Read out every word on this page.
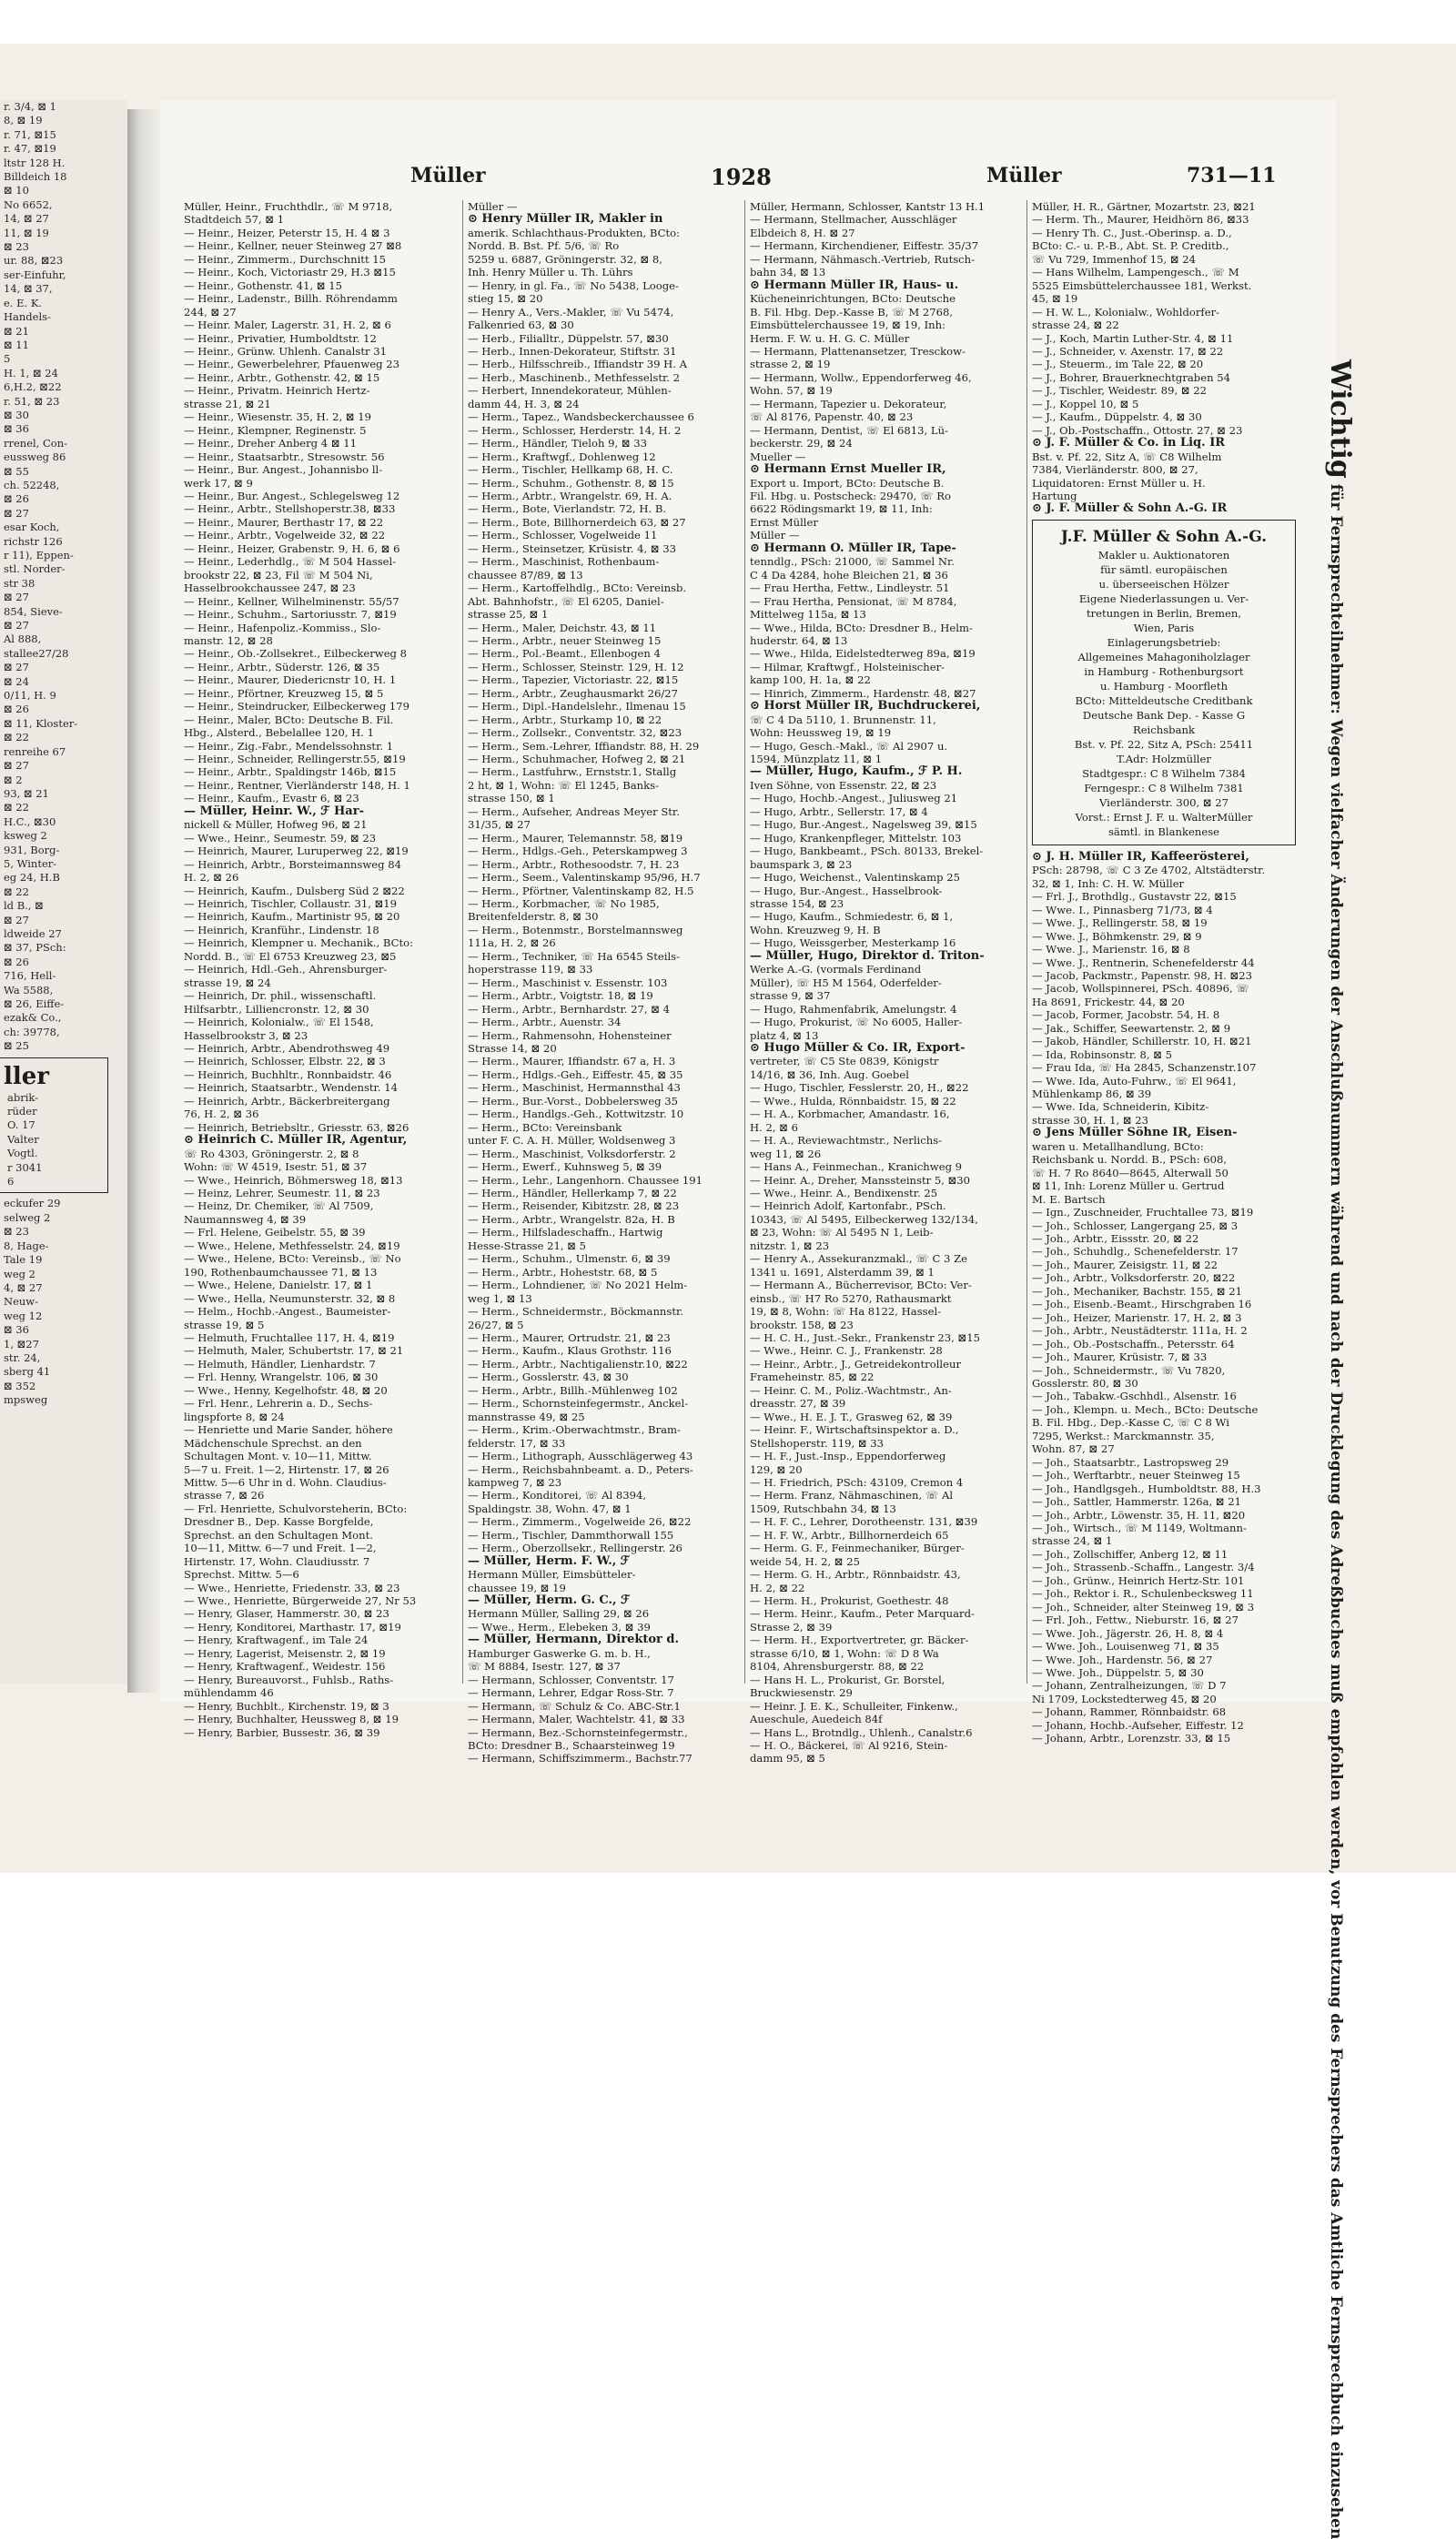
r. 3/4, ⊠ 1
8, ⊠ 19
r. 71, ⊠15
r. 47, ⊠19
ltstr 128 H.
Billdeich 18
⊠ 10
No 6652,
14, ⊠ 27
11, ⊠ 19
⊠ 23
ur. 88, ⊠23
ser-Einfuhr,
14, ⊠ 37,
e. E. K.
Handels-
⊠ 21
⊠ 11
5
H. 1, ⊠ 24
6,H.2, ⊠22
r. 51, ⊠ 23
⊠ 30
⊠ 36
rrenel, Con-
eussweg 86
⊠ 55
ch. 52248,
⊠ 26
⊠ 27
esar Koch,
richstr 126
r 11), Eppen-
stl. Norder-
str 38
⊠ 27
854, Sieve-
⊠ 27
Al 888,
stallee27/28
⊠ 27
⊠ 24
0/11, H. 9
⊠ 26
⊠ 11, Kloster-
⊠ 22
renreihe 67
⊠ 27
⊠ 2
93, ⊠ 21
⊠ 22
H.C., ⊠30
ksweg 2
931, Borg-
5, Winter-
eg 24, H.B
⊠ 22
ld B., ⊠
⊠ 27
ldweide 27
⊠ 37, PSch:
⊠ 26
716, Hell-
Wa 5588,
⊠ 26, Eiffe-
ezak& Co.,
ch: 39778,
⊠ 25
ller
abrik-
rüder
O. 17
Valter
Vogtl.
r 3041
6
eckufer 29
selweg 2
⊠ 23
8, Hage-
Tale 19
weg 2
4, ⊠ 27
Neuw-
weg 12
⊠ 36
1, ⊠27
str. 24,
sberg 41
⊠ 352
mpsweg
Müller	1928	Müller	731—11
Müller, Heinr., Fruchthdlr., ☏ M 9718,
Stadtdeich 57, ⊠ 1
— Heinr., Heizer, Peterstr 15, H. 4 ⊠ 3
— Heinr., Kellner, neuer Steinweg 27 ⊠8
— Heinr., Zimmerm., Durchschnitt 15
— Heinr., Koch, Victoriastr 29, H.3 ⊠15
— Heinr., Gothenstr. 41, ⊠ 15
— Heinr., Ladenstr., Billh. Röhrendamm
244, ⊠ 27
— Heinr. Maler, Lagerstr. 31, H. 2, ⊠ 6
— Heinr., Privatier, Humboldtstr. 12
— Heinr., Grünw. Uhlenh. Canalstr 31
— Heinr., Gewerbelehrer, Pfauenweg 23
— Heinr., Arbtr., Gothenstr. 42, ⊠ 15
— Heinr., Privatm. Heinrich Hertz-
strasse 21, ⊠ 21
— Heinr., Wiesenstr. 35, H. 2, ⊠ 19
— Heinr., Klempner, Reginenstr. 5
— Heinr., Dreher Anberg 4 ⊠ 11
— Heinr., Staatsarbtr., Stresowstr. 56
— Heinr., Bur. Angest., Johannisbo ll-
werk 17, ⊠ 9
— Heinr., Bur. Angest., Schlegelsweg 12
— Heinr., Arbtr., Stellshoperstr.38, ⊠33
— Heinr., Maurer, Berthastr 17, ⊠ 22
— Heinr., Arbtr., Vogelweide 32, ⊠ 22
— Heinr., Heizer, Grabenstr. 9, H. 6, ⊠ 6
— Heinr., Lederhdlg., ☏ M 504 Hassel-
brookstr 22, ⊠ 23, Fil ☏ M 504 Ni,
Hasselbrookchaussee 247, ⊠ 23
— Heinr., Kellner, Wilhelminenstr. 55/57
— Heinr., Schuhm., Sartoriusstr. 7, ⊠19
— Heinr., Hafenpoliz.-Kommiss., Slo-
manstr. 12, ⊠ 28
— Heinr., Ob.-Zollsekret., Eilbeckerweg 8
— Heinr., Arbtr., Süderstr. 126, ⊠ 35
— Heinr., Maurer, Diedericnstr 10, H. 1
— Heinr., Pförtner, Kreuzweg 15, ⊠ 5
— Heinr., Steindrucker, Eilbeckerweg 179
— Heinr., Maler, BCto: Deutsche B. Fil.
Hbg., Alsterd., Bebelallee 120, H. 1
— Heinr., Zig.-Fabr., Mendelssohnstr. 1
— Heinr., Schneider, Rellingerstr.55, ⊠19
— Heinr., Arbtr., Spaldingstr 146b, ⊠15
— Heinr., Rentner, Vierländerstr 148, H. 1
— Heinr., Kaufm., Evastr 6, ⊠ 23
— Müller, Heinr. W., ℱ Har-
nickell & Müller, Hofweg 96, ⊠ 21
— Wwe., Heinr., Seumestr. 59, ⊠ 23
— Heinrich, Maurer, Luruperweg 22, ⊠19
— Heinrich, Arbtr., Borsteimannsweg 84
H. 2, ⊠ 26
— Heinrich, Kaufm., Dulsberg Süd 2 ⊠22
— Heinrich, Tischler, Collaustr. 31, ⊠19
— Heinrich, Kaufm., Martinistr 95, ⊠ 20
— Heinrich, Kranführ., Lindenstr. 18
— Heinrich, Klempner u. Mechanik., BCto:
Nordd. B., ☏ El 6753 Kreuzweg 23, ⊠5
— Heinrich, Hdl.-Geh., Ahrensburger-
strasse 19, ⊠ 24
— Heinrich, Dr. phil., wissenschaftl.
Hilfsarbtr., Lilliencronstr. 12, ⊠ 30
— Heinrich, Kolonialw., ☏ El 1548,
Hasselbrookstr 3, ⊠ 23
— Heinrich, Arbtr., Abendrothsweg 49
— Heinrich, Schlosser, Elbstr. 22, ⊠ 3
— Heinrich, Buchhltr., Ronnbaidstr. 46
— Heinrich, Staatsarbtr., Wendenstr. 14
— Heinrich, Arbtr., Bäckerbreitergang
76, H. 2, ⊠ 36
— Heinrich, Betriebsltr., Griesstr. 63, ⊠26
⊙ Heinrich C. Müller IR, Agentur,
☏ Ro 4303, Gröningerstr. 2, ⊠ 8
Wohn: ☏ W 4519, Isestr. 51, ⊠ 37
— Wwe., Heinrich, Böhmersweg 18, ⊠13
— Heinz, Lehrer, Seumestr. 11, ⊠ 23
— Heinz, Dr. Chemiker, ☏ Al 7509,
Naumannsweg 4, ⊠ 39
— Frl. Helene, Geibelstr. 55, ⊠ 39
— Wwe., Helene, Methfesselstr. 24, ⊠19
— Wwe., Helene, BCto: Vereinsb., ☏ No
190, Rothenbaumchaussee 71, ⊠ 13
— Wwe., Helene, Danielstr. 17, ⊠ 1
— Wwe., Hella, Neumunsterstr. 32, ⊠ 8
— Helm., Hochb.-Angest., Baumeister-
strasse 19, ⊠ 5
— Helmuth, Fruchtallee 117, H. 4, ⊠19
— Helmuth, Maler, Schubertstr. 17, ⊠ 21
— Helmuth, Händler, Lienhardstr. 7
— Frl. Henny, Wrangelstr. 106, ⊠ 30
— Wwe., Henny, Kegelhofstr. 48, ⊠ 20
— Frl. Henr., Lehrerin a. D., Sechs-
lingspforte 8, ⊠ 24
— Henriette und Marie Sander, höhere
Mädchenschule Sprechst. an den
Schultagen Mont. v. 10—11, Mittw.
5—7 u. Freit. 1—2, Hirtenstr. 17, ⊠ 26
Mittw. 5—6 Uhr in d. Wohn. Claudius-
strasse 7, ⊠ 26
— Frl. Henriette, Schulvorsteherin, BCto:
Dresdner B., Dep. Kasse Borgfelde,
Sprechst. an den Schultagen Mont.
10—11, Mittw. 6—7 und Freit. 1—2,
Hirtenstr. 17, Wohn. Claudiusstr. 7
Sprechst. Mittw. 5—6
— Wwe., Henriette, Friedenstr. 33, ⊠ 23
— Wwe., Henriette, Bürgerweide 27, Nr 53
— Henry, Glaser, Hammerstr. 30, ⊠ 23
— Henry, Konditorei, Marthastr. 17, ⊠19
— Henry, Kraftwagenf., im Tale 24
— Henry, Lagerist, Meisenstr. 2, ⊠ 19
— Henry, Kraftwagenf., Weidestr. 156
— Henry, Bureauvorst., Fuhlsb., Raths-
mühlendamm 46
— Henry, Buchblt., Kirchenstr. 19, ⊠ 3
— Henry, Buchhalter, Heussweg 8, ⊠ 19
— Henry, Barbier, Bussestr. 36, ⊠ 39
Müller —
⊙ Henry Müller IR, Makler in
amerik. Schlachthaus-Produkten, BCto:
Nordd. B. Bst. Pf. 5/6, ☏ Ro
5259 u. 6887, Gröningerstr. 32, ⊠ 8,
Inh. Henry Müller u. Th. Lührs
— Henry, in gl. Fa., ☏ No 5438, Looge-
stieg 15, ⊠ 20
— Henry A., Vers.-Makler, ☏ Vu 5474,
Falkenried 63, ⊠ 30
— Herb., Filialltr., Düppelstr. 57, ⊠30
— Herb., Innen-Dekorateur, Stiftstr. 31
— Herb., Hilfsschreib., Iffiandstr 39 H. A
— Herb., Maschinenb., Methfesselstr. 2
— Herbert, Innendekorateur, Mühlen-
damm 44, H. 3, ⊠ 24
— Herm., Tapez., Wandsbeckerchaussee 6
— Herm., Schlosser, Herderstr. 14, H. 2
— Herm., Händler, Tieloh 9, ⊠ 33
— Herm., Kraftwgf., Dohlenweg 12
— Herm., Tischler, Hellkamp 68, H. C.
— Herm., Schuhm., Gothenstr. 8, ⊠ 15
— Herm., Arbtr., Wrangelstr. 69, H. A.
— Herm., Bote, Vierlandstr. 72, H. B.
— Herm., Bote, Billhornerdeich 63, ⊠ 27
— Herm., Schlosser, Vogelweide 11
— Herm., Steinsetzer, Krüsistr. 4, ⊠ 33
— Herm., Maschinist, Rothenbaum-
chaussee 87/89, ⊠ 13
— Herm., Kartoffelhdlg., BCto: Vereinsb.
Abt. Bahnhofstr., ☏ El 6205, Daniel-
strasse 25, ⊠ 1
— Herm., Maler, Deichstr. 43, ⊠ 11
— Herm., Arbtr., neuer Steinweg 15
— Herm., Pol.-Beamt., Ellenbogen 4
— Herm., Schlosser, Steinstr. 129, H. 12
— Herm., Tapezier, Victoriastr. 22, ⊠15
— Herm., Arbtr., Zeughausmarkt 26/27
— Herm., Dipl.-Handelslehr., Ilmenau 15
— Herm., Arbtr., Sturkamp 10, ⊠ 22
— Herm., Zollsekr., Conventstr. 32, ⊠23
— Herm., Sem.-Lehrer, Iffiandstr. 88, H. 29
— Herm., Schuhmacher, Hofweg 2, ⊠ 21
— Herm., Lastfuhrw., Ernststr.1, Stallg
2 ht, ⊠ 1, Wohn: ☏ El 1245, Banks-
strasse 150, ⊠ 1
— Herm., Aufseher, Andreas Meyer Str.
31/35, ⊠ 27
— Herm., Maurer, Telemannstr. 58, ⊠19
— Herm., Hdlgs.-Geh., Peterskampweg 3
— Herm., Arbtr., Rothesoodstr. 7, H. 23
— Herm., Seem., Valentinskamp 95/96, H.7
— Herm., Pförtner, Valentinskamp 82, H.5
— Herm., Korbmacher, ☏ No 1985,
Breitenfelderstr. 8, ⊠ 30
— Herm., Botenmstr., Borstelmannsweg
111a, H. 2, ⊠ 26
— Herm., Techniker, ☏ Ha 6545 Steils-
hoperstrasse 119, ⊠ 33
— Herm., Maschinist v. Essenstr. 103
— Herm., Arbtr., Voigtstr. 18, ⊠ 19
— Herm., Arbtr., Bernhardstr. 27, ⊠ 4
— Herm., Arbtr., Auenstr. 34
— Herm., Rahmensohn, Hohensteiner
Strasse 14, ⊠ 20
— Herm., Maurer, Iffiandstr. 67 a, H. 3
— Herm., Hdlgs.-Geh., Eiffestr. 45, ⊠ 35
— Herm., Maschinist, Hermannsthal 43
— Herm., Bur.-Vorst., Dobbelersweg 35
— Herm., Handlgs.-Geh., Kottwitzstr. 10
— Herm., BCto: Vereinsbank
unter F. C. A. H. Müller, Woldsenweg 3
— Herm., Maschinist, Volksdorferstr. 2
— Herm., Ewerf., Kuhnsweg 5, ⊠ 39
— Herm., Lehr., Langenhorn. Chaussee 191
— Herm., Händler, Hellerkamp 7, ⊠ 22
— Herm., Reisender, Kibitzstr. 28, ⊠ 23
— Herm., Arbtr., Wrangelstr. 82a, H. B
— Herm., Hilfsladeschaffn., Hartwig
Hesse-Strasse 21, ⊠ 5
— Herm., Schuhm., Ulmenstr. 6, ⊠ 39
— Herm., Arbtr., Hoheststr. 68, ⊠ 5
— Herm., Lohndiener, ☏ No 2021 Helm-
weg 1, ⊠ 13
— Herm., Schneidermstr., Böckmannstr.
26/27, ⊠ 5
— Herm., Maurer, Ortrudstr. 21, ⊠ 23
— Herm., Kaufm., Klaus Grothstr. 116
— Herm., Arbtr., Nachtigalienstr.10, ⊠22
— Herm., Gosslerstr. 43, ⊠ 30
— Herm., Arbtr., Billh.-Mühlenweg 102
— Herm., Schornsteinfegermstr., Anckel-
mannstrasse 49, ⊠ 25
— Herm., Krim.-Oberwachtmstr., Bram-
felderstr. 17, ⊠ 33
— Herm., Lithograph, Ausschlägerweg 43
— Herm., Reichsbahnbeamt. a. D., Peters-
kampweg 7, ⊠ 23
— Herm., Konditorei, ☏ Al 8394,
Spaldingstr. 38, Wohn. 47, ⊠ 1
— Herm., Zimmerm., Vogelweide 26, ⊠22
— Herm., Tischler, Dammthorwall 155
— Herm., Oberzollsekr., Rellingerstr. 26
— Müller, Herm. F. W., ℱ
Hermann Müller, Eimsbütteler-
chaussee 19, ⊠ 19
— Müller, Herm. G. C., ℱ
Hermann Müller, Salling 29, ⊠ 26
— Wwe., Herm., Elebeken 3, ⊠ 39
— Müller, Hermann, Direktor d.
Hamburger Gaswerke G. m. b. H.,
☏ M 8884, Isestr. 127, ⊠ 37
— Hermann, Schlosser, Conventstr. 17
— Hermann, Lehrer, Edgar Ross-Str. 7
— Hermann, ☏ Schulz & Co. ABC-Str.1
— Hermann, Maler, Wachtelstr. 41, ⊠ 33
— Hermann, Bez.-Schornsteinfegermstr.,
BCto: Dresdner B., Schaarsteinweg 19
— Hermann, Schiffszimmerm., Bachstr.77
Müller, Hermann, Schlosser, Kantstr 13 H.1
— Hermann, Stellmacher, Ausschläger
Elbdeich 8, H. ⊠ 27
— Hermann, Kirchendiener, Eiffestr. 35/37
— Hermann, Nähmasch.-Vertrieb, Rutsch-
bahn 34, ⊠ 13
⊙ Hermann Müller IR, Haus- u.
Kücheneinrichtungen, BCto: Deutsche
B. Fil. Hbg. Dep.-Kasse B, ☏ M 2768,
Eimsbüttelerchaussee 19, ⊠ 19, Inh:
Herm. F. W. u. H. G. C. Müller
— Hermann, Plattenansetzer, Tresckow-
strasse 2, ⊠ 19
— Hermann, Wollw., Eppendorferweg 46,
Wohn. 57, ⊠ 19
— Hermann, Tapezier u. Dekorateur,
☏ Al 8176, Papenstr. 40, ⊠ 23
— Hermann, Dentist, ☏ El 6813, Lü-
beckerstr. 29, ⊠ 24
Mueller —
⊙ Hermann Ernst Mueller IR,
Export u. Import, BCto: Deutsche B.
Fil. Hbg. u. Postscheck: 29470, ☏ Ro
6622 Rödingsmarkt 19, ⊠ 11, Inh:
Ernst Müller
Müller —
⊙ Hermann O. Müller IR, Tape-
tenndlg., PSch: 21000, ☏ Sammel Nr.
C 4 Da 4284, hohe Bleichen 21, ⊠ 36
— Frau Hertha, Fettw., Lindleystr. 51
— Frau Hertha, Pensionat, ☏ M 8784,
Mittelweg 115a, ⊠ 13
— Wwe., Hilda, BCto: Dresdner B., Helm-
huderstr. 64, ⊠ 13
— Wwe., Hilda, Eidelstedterweg 89a, ⊠19
— Hilmar, Kraftwgf., Holsteinischer-
kamp 100, H. 1a, ⊠ 22
— Hinrich, Zimmerm., Hardenstr. 48, ⊠27
⊙ Horst Müller IR, Buchdruckerei,
☏ C 4 Da 5110, 1. Brunnenstr. 11,
Wohn: Heussweg 19, ⊠ 19
— Hugo, Gesch.-Makl., ☏ Al 2907 u.
1594, Münzplatz 11, ⊠ 1
— Müller, Hugo, Kaufm., ℱ P. H.
Iven Söhne, von Essenstr. 22, ⊠ 23
— Hugo, Hochb.-Angest., Juliusweg 21
— Hugo, Arbtr., Sellerstr. 17, ⊠ 4
— Hugo, Bur.-Angest., Nagelsweg 39, ⊠15
— Hugo, Krankenpfleger, Mittelstr. 103
— Hugo, Bankbeamt., PSch. 80133, Brekel-
baumspark 3, ⊠ 23
— Hugo, Weichenst., Valentinskamp 25
— Hugo, Bur.-Angest., Hasselbrook-
strasse 154, ⊠ 23
— Hugo, Kaufm., Schmiedestr. 6, ⊠ 1,
Wohn. Kreuzweg 9, H. B
— Hugo, Weissgerber, Mesterkamp 16
— Müller, Hugo, Direktor d. Triton-
Werke A.-G. (vormals Ferdinand
Müller), ☏ H5 M 1564, Oderfelder-
strasse 9, ⊠ 37
— Hugo, Rahmenfabrik, Amelungstr. 4
— Hugo, Prokurist, ☏ No 6005, Haller-
platz 4, ⊠ 13
⊙ Hugo Müller & Co. IR, Export-
vertreter, ☏ C5 Ste 0839, Königstr
14/16, ⊠ 36, Inh. Aug. Goebel
— Hugo, Tischler, Fesslerstr. 20, H., ⊠22
— Wwe., Hulda, Rönnbaidstr. 15, ⊠ 22
— H. A., Korbmacher, Amandastr. 16,
H. 2, ⊠ 6
— H. A., Reviewachtmstr., Nerlichs-
weg 11, ⊠ 26
— Hans A., Feinmechan., Kranichweg 9
— Heinr. A., Dreher, Manssteinstr 5, ⊠30
— Wwe., Heinr. A., Bendixenstr. 25
— Heinrich Adolf, Kartonfabr., PSch.
10343, ☏ Al 5495, Eilbeckerweg 132/134,
⊠ 23, Wohn: ☏ Al 5495 N 1, Leib-
nitzstr. 1, ⊠ 23
— Henry A., Assekuranzmakl., ☏ C 3 Ze
1341 u. 1691, Alsterdamm 39, ⊠ 1
— Hermann A., Bücherrevisor, BCto: Ver-
einsb., ☏ H7 Ro 5270, Rathausmarkt
19, ⊠ 8, Wohn: ☏ Ha 8122, Hassel-
brookstr. 158, ⊠ 23
— H. C. H., Just.-Sekr., Frankenstr 23, ⊠15
— Wwe., Heinr. C. J., Frankenstr. 28
— Heinr., Arbtr., J., Getreidekontrolleur
Frameheinstr. 85, ⊠ 22
— Heinr. C. M., Poliz.-Wachtmstr., An-
dreasstr. 27, ⊠ 39
— Wwe., H. E. J. T., Grasweg 62, ⊠ 39
— Heinr. F., Wirtschaftsinspektor a. D.,
Stellshoperstr. 119, ⊠ 33
— H. F., Just.-Insp., Eppendorferweg
129, ⊠ 20
— H. Friedrich, PSch: 43109, Cremon 4
— Herm. Franz, Nähmaschinen, ☏ Al
1509, Rutschbahn 34, ⊠ 13
— H. F. C., Lehrer, Dorotheenstr. 131, ⊠39
— H. F. W., Arbtr., Billhornerdeich 65
— Herm. G. F., Feinmechaniker, Bürger-
weide 54, H. 2, ⊠ 25
— Herm. G. H., Arbtr., Rönnbaidstr. 43,
H. 2, ⊠ 22
— Herm. H., Prokurist, Goethestr. 48
— Herm. Heinr., Kaufm., Peter Marquard-
Strasse 2, ⊠ 39
— Herm. H., Exportvertreter, gr. Bäcker-
strasse 6/10, ⊠ 1, Wohn: ☏ D 8 Wa
8104, Ahrensburgerstr. 88, ⊠ 22
— Hans H. L., Prokurist, Gr. Borstel,
Bruckwiesenstr. 29
— Heinr. J. E. K., Schulleiter, Finkenw.,
Aueschule, Auedeich 84f
— Hans L., Brotndlg., Uhlenh., Canalstr.6
— H. O., Bäckerei, ☏ Al 9216, Stein-
damm 95, ⊠ 5
Müller, H. R., Gärtner, Mozartstr. 23, ⊠21
— Herm. Th., Maurer, Heidhörn 86, ⊠33
— Henry Th. C., Just.-Oberinsp. a. D.,
BCto: C.- u. P.-B., Abt. St. P. Creditb.,
☏ Vu 729, Immenhof 15, ⊠ 24
— Hans Wilhelm, Lampengesch., ☏ M
5525 Eimsbüttelerchaussee 181, Werkst.
45, ⊠ 19
— H. W. L., Kolonialw., Wohldorfer-
strasse 24, ⊠ 22
— J., Koch, Martin Luther-Str. 4, ⊠ 11
— J., Schneider, v. Axenstr. 17, ⊠ 22
— J., Steuerm., im Tale 22, ⊠ 20
— J., Bohrer, Brauerknechtgraben 54
— J., Tischler, Weidestr. 89, ⊠ 22
— J., Koppel 10, ⊠ 5
— J., Kaufm., Düppelstr. 4, ⊠ 30
— J., Ob.-Postschaffn., Ottostr. 27, ⊠ 23
⊙ J. F. Müller & Co. in Liq. IR
Bst. v. Pf. 22, Sitz A, ☏ C8 Wilhelm
7384, Vierländerstr. 800, ⊠ 27,
Liquidatoren: Ernst Müller u. H.
Hartung
⊙ J. F. Müller & Sohn A.-G. IR
J.F. Müller & Sohn A.-G.
Makler u. Auktionatoren
für sämtl. europäischen
u. überseeischen Hölzer
Eigene Niederlassungen u. Ver-
tretungen in Berlin, Bremen,
Wien, Paris
Einlagerungsbetrieb:
Allgemeines Mahagoniholzlager
in Hamburg - Rothenburgsort
u. Hamburg - Moorfleth
BCto: Mitteldeutsche Creditbank
Deutsche Bank Dep. - Kasse G
Reichsbank
Bst. v. Pf. 22, Sitz A, PSch: 25411
T.Adr: Holzmüller
Stadtgespr.: C 8 Wilhelm 7384
Ferngespr.: C 8 Wilhelm 7381
Vierländerstr. 300, ⊠ 27
Vorst.: Ernst J. F. u. WalterMüller
sämtl. in Blankenese
⊙ J. H. Müller IR, Kaffeerösterei,
PSch: 28798, ☏ C 3 Ze 4702, Altstädterstr.
32, ⊠ 1, Inh: C. H. W. Müller
— Frl. J., Brothdlg., Gustavstr 22, ⊠15
— Wwe. I., Pinnasberg 71/73, ⊠ 4
— Wwe. J., Rellingerstr. 58, ⊠ 19
— Wwe. J., Böhmkenstr. 29, ⊠ 9
— Wwe. J., Marienstr. 16, ⊠ 8
— Wwe. J., Rentnerin, Schenefelderstr 44
— Jacob, Packmstr., Papenstr. 98, H. ⊠23
— Jacob, Wollspinnerei, PSch. 40896, ☏
Ha 8691, Frickestr. 44, ⊠ 20
— Jacob, Former, Jacobstr. 54, H. 8
— Jak., Schiffer, Seewartenstr. 2, ⊠ 9
— Jakob, Händler, Schillerstr. 10, H. ⊠21
— Ida, Robinsonstr. 8, ⊠ 5
— Frau Ida, ☏ Ha 2845, Schanzenstr.107
— Wwe. Ida, Auto-Fuhrw., ☏ El 9641,
Mühlenkamp 86, ⊠ 39
— Wwe. Ida, Schneiderin, Kibitz-
strasse 30, H. 1, ⊠ 23
⊙ Jens Müller Söhne IR, Eisen-
waren u. Metallhandlung, BCto:
Reichsbank u. Nordd. B., PSch: 608,
☏ H. 7 Ro 8640—8645, Alterwall 50
⊠ 11, Inh: Lorenz Müller u. Gertrud
M. E. Bartsch
— Ign., Zuschneider, Fruchtallee 73, ⊠19
— Joh., Schlosser, Langergang 25, ⊠ 3
— Joh., Arbtr., Eissstr. 20, ⊠ 22
— Joh., Schuhdlg., Schenefelderstr. 17
— Joh., Maurer, Zeisigstr. 11, ⊠ 22
— Joh., Arbtr., Volksdorferstr. 20, ⊠22
— Joh., Mechaniker, Bachstr. 155, ⊠ 21
— Joh., Eisenb.-Beamt., Hirschgraben 16
— Joh., Heizer, Marienstr. 17, H. 2, ⊠ 3
— Joh., Arbtr., Neustädterstr. 111a, H. 2
— Joh., Ob.-Postschaffn., Petersstr. 64
— Joh., Maurer, Krüsistr. 7, ⊠ 33
— Joh., Schneidermstr., ☏ Vu 7820,
Gosslerstr. 80, ⊠ 30
— Joh., Tabakw.-Gschhdl., Alsenstr. 16
— Joh., Klempn. u. Mech., BCto: Deutsche
B. Fil. Hbg., Dep.-Kasse C, ☏ C 8 Wi
7295, Werkst.: Marckmannstr. 35,
Wohn. 87, ⊠ 27
— Joh., Staatsarbtr., Lastropsweg 29
— Joh., Werftarbtr., neuer Steinweg 15
— Joh., Handlgsgeh., Humboldtstr. 88, H.3
— Joh., Sattler, Hammerstr. 126a, ⊠ 21
— Joh., Arbtr., Löwenstr. 35, H. 11, ⊠20
— Joh., Wirtsch., ☏ M 1149, Woltmann-
strasse 24, ⊠ 1
— Joh., Zollschiffer, Anberg 12, ⊠ 11
— Joh., Strassenb.-Schaffn., Langestr. 3/4
— Joh., Grünw., Heinrich Hertz-Str. 101
— Joh., Rektor i. R., Schulenbecksweg 11
— Joh., Schneider, alter Steinweg 19, ⊠ 3
— Frl. Joh., Fettw., Nieburstr. 16, ⊠ 27
— Wwe. Joh., Jägerstr. 26, H. 8, ⊠ 4
— Wwe. Joh., Louisenweg 71, ⊠ 35
— Wwe. Joh., Hardenstr. 56, ⊠ 27
— Wwe. Joh., Düppelstr. 5, ⊠ 30
— Johann, Zentralheizungen, ☏ D 7
Ni 1709, Lockstedterweg 45, ⊠ 20
— Johann, Rammer, Rönnbaidstr. 68
— Johann, Hochb.-Aufseher, Eiffestr. 12
— Johann, Arbtr., Lorenzstr. 33, ⊠ 15
Wichtig für Fernsprechteilnehmer: Wegen vielfacher Änderungen der Anschlußnummern während und nach der Drucklegung des Adreßbuches muß empfohlen werden, vor Benutzung des Fernsprechers das Amtliche Fernsprechbuch einzusehen
